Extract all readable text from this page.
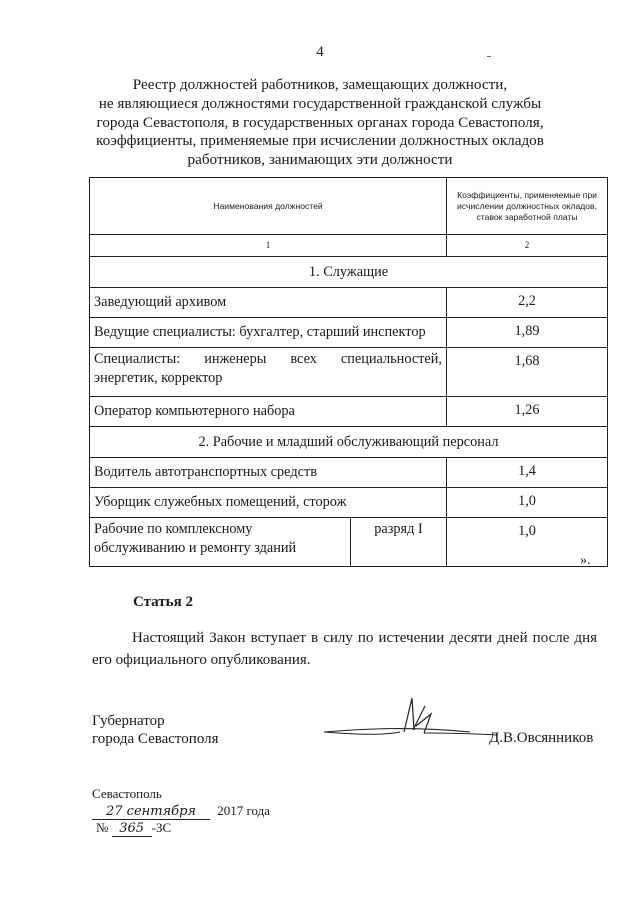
4
Реестр должностей работников, замещающих должности,
не являющиеся должностями государственной гражданской службы
города Севастополя, в государственных органах города Севастополя,
коэффициенты, применяемые при исчислении должностных окладов
работников, занимающих эти должности
Наименования должностей		Коэффициенты, применяемые при исчислении должностных окладов, ставок заработной платы
1		2
1. Служащие		
Заведующий архивом		2,2
Ведущие специалисты: бухгалтер, старший инспектор		1,89

Специалисты: инженеры всех специальностей,
энергетик, корректор		1,68
Оператор компьютерного набора		1,26
2. Рабочие и младший обслуживающий персонал		
Водитель автотранспортных средств		1,4
Уборщик служебных помещений, сторож		1,0

Рабочие по комплексному
обслуживанию и ремонту зданий	разряд I	1,0
».
Статья 2
Настоящий Закон вступает в силу по истечении десяти дней после дня его официального опубликования.
Губернатор
города Севастополя	Д.В.Овсянников
Севастополь
27 сентября 2017 года
№ 365 -ЗС
